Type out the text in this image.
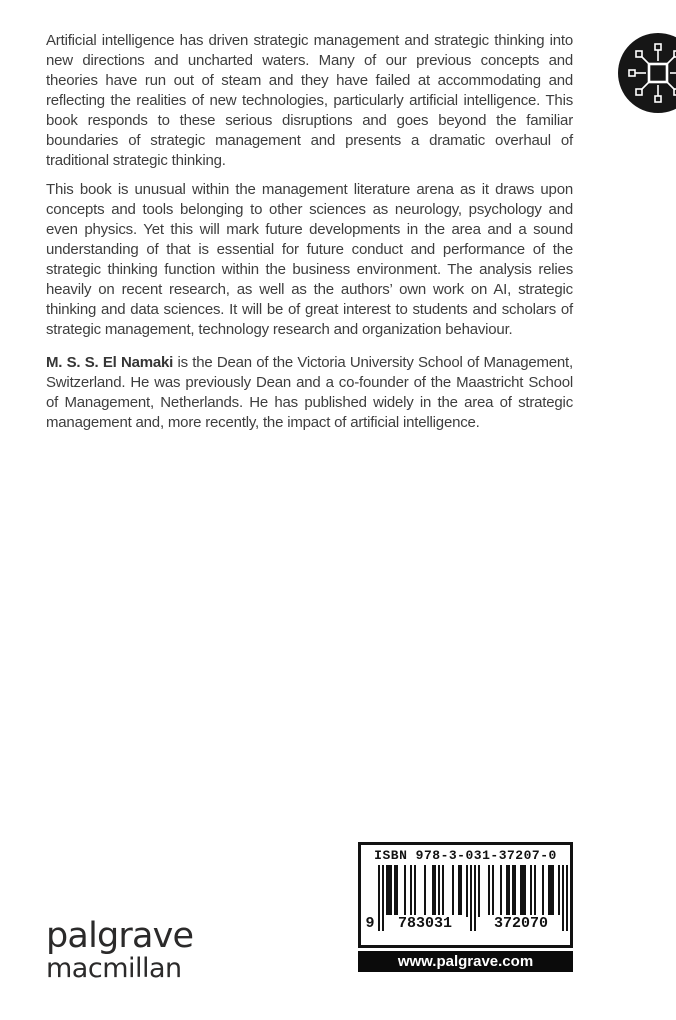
Artificial intelligence has driven strategic management and strategic thinking into new directions and uncharted waters. Many of our previous concepts and theories have run out of steam and they have failed at accommodating and reflecting the realities of new technologies, particularly artificial intelligence. This book responds to these serious disruptions and goes beyond the familiar boundaries of strategic management and presents a dramatic overhaul of traditional strategic thinking.

This book is unusual within the management literature arena as it draws upon concepts and tools belonging to other sciences as neurology, psychology and even physics. Yet this will mark future developments in the area and a sound understanding of that is essential for future conduct and performance of the strategic thinking function within the business environment. The analysis relies heavily on recent research, as well as the authors’ own work on AI, strategic thinking and data sciences. It will be of great interest to students and scholars of strategic management, technology research and organization behaviour.

M. S. S. El Namaki is the Dean of the Victoria University School of Management, Switzerland. He was previously Dean and a co-founder of the Maastricht School of Management, Netherlands. He has published widely in the area of strategic management and, more recently, the impact of artificial intelligence.

palgrave
macmillan
ISBN 978-3-031-37207-0
9	783031	372070
www.palgrave.com
